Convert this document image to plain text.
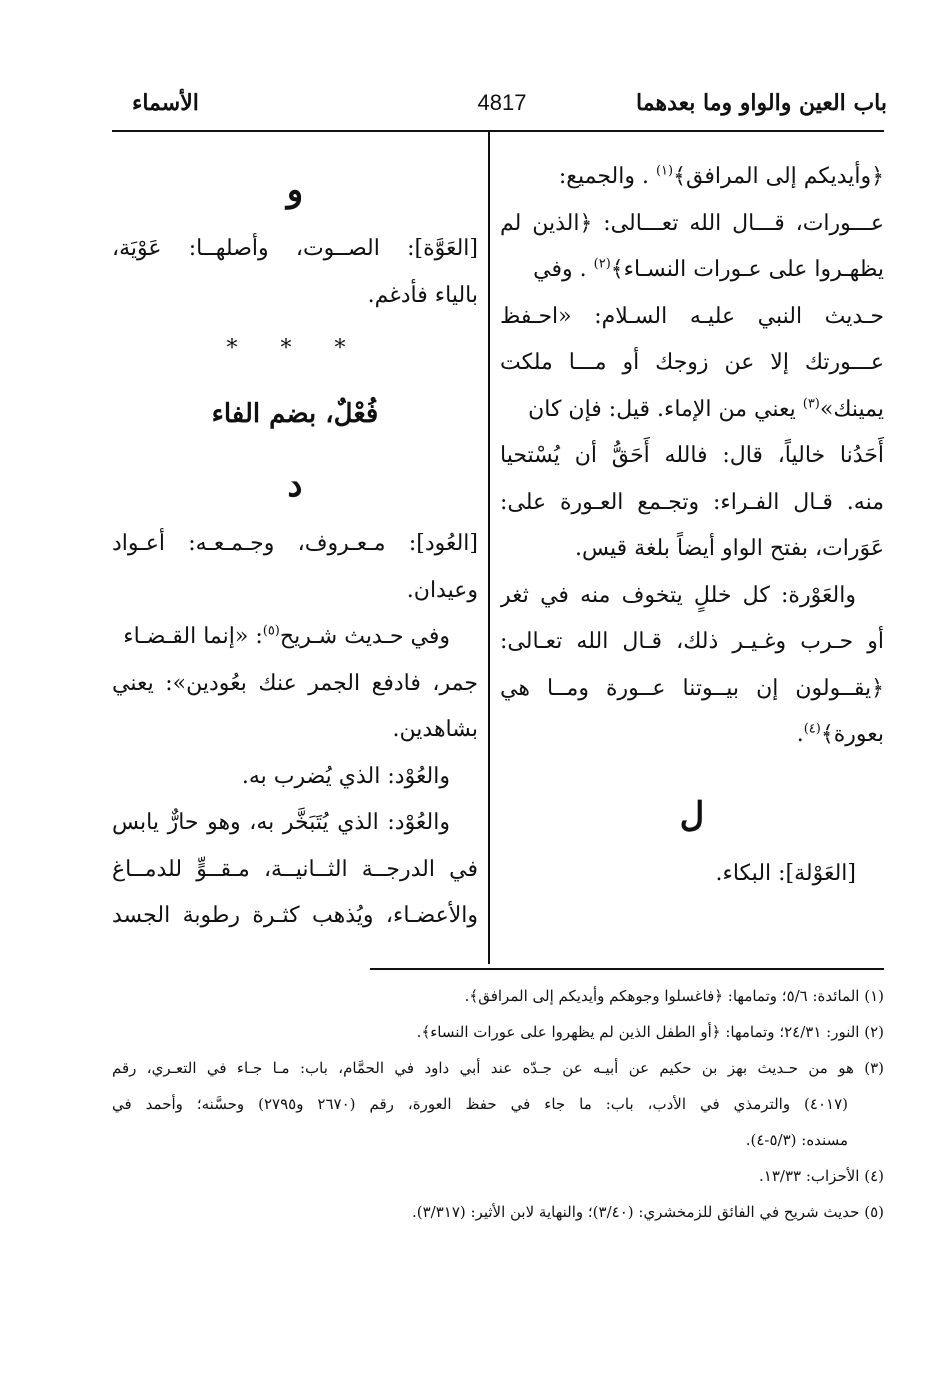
باب العين والواو وما بعدهما
4817
الأسماء
﴿وأيديكم إلى المرافق﴾$^{(١)}$ . والجميع:
عـــورات، قـــال الله تعـــالى: ﴿الذين لم
يظهـروا على عـورات النسـاء﴾$^{(٢)}$ . وفي
حـديث النبي عليـه السـلام: «احـفظ
عـــورتك إلا عن زوجك أو مـــا ملكت
يمينك»$^{(٣)}$ يعني من الإماء. قيل: فإن كان
أَحَدُنا خالياً، قال: فالله أَحَقُّ أن يُسْتحيا
منه. قـال الفـراء: وتجـمع العـورة على:
عَوَرات، بفتح الواو أيضاً بلغة قيس.
والعَوْرة: كل خللٍ يتخوف منه في ثغر
أو حـرب وغـيـر ذلك، قـال الله تعـالى:
﴿يقــولون إن بيــوتنا عــورة ومــا هي
بعورة﴾$^{(٤)}$.
ل
[العَوْلة]: البكاء.
و
[العَوَّة]: الصــوت، وأصلهــا: عَوْيَة،
بالياء فأدغم.
* * *
فُعْلٌ، بضم الفاء
د
[العُود]: مـعـروف، وجـمـعـه: أعـواد
وعيدان.
وفي حـديث شـريح$^{(٥)}$: «إنما القـضـاء
جمر، فادفع الجمر عنك بعُودين»: يعني
بشاهدين.
والعُوْد: الذي يُضرب به.
والعُوْد: الذي يُتَبَخَّر به، وهو حارٌّ يابس
في الدرجــة الثــانيــة، مـقــوٍّ للدمــاغ
والأعضـاء، ويُذهب كثـرة رطوبة الجسد
(١) المائدة: ٥/٦؛ وتمامها: ﴿فاغسلوا وجوهكم وأيديكم إلى المرافق﴾.
(٢) النور: ٢٤/٣١؛ وتمامها: ﴿أو الطفل الذين لم يظهروا على عورات النساء﴾.
(٣) هو من حـديث بهز بن حكيم عن أبيـه عن جـدّه عند أبي داود في الحمَّام، باب: مـا جـاء في التعـري، رقم
(٤٠١٧) والترمذي في الأدب، باب: ما جاء في حفظ العورة، رقم (٢٦٧٠ و٢٧٩٥) وحسَّنه؛ وأحمد في
مسنده: (٥/٣-٤).
(٤) الأحزاب: ١٣/٣٣.
(٥) حديث شريح في الفائق للزمخشري: (٣/٤٠)؛ والنهاية لابن الأثير: (٣/٣١٧).
